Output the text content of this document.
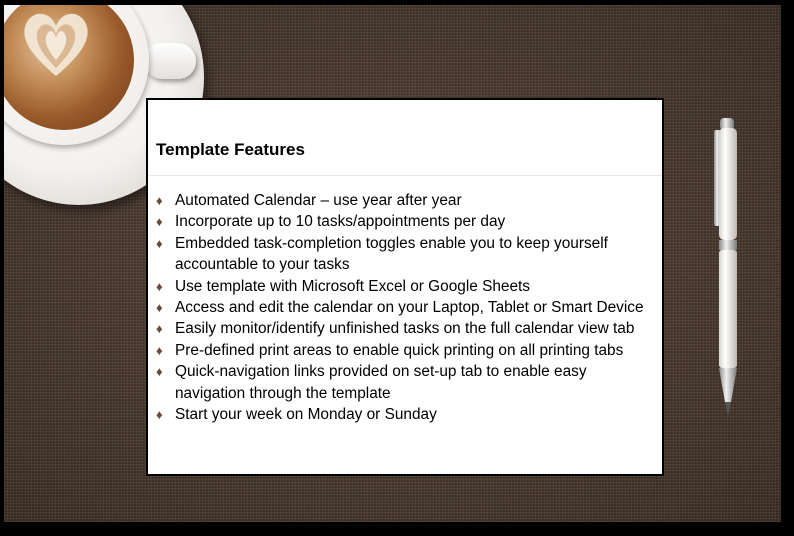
Template Features
♦ Automated Calendar – use year after year
♦ Incorporate up to 10 tasks/appointments per day
♦ Embedded task-completion toggles enable you to keep yourself accountable to your tasks
♦ Use template with Microsoft Excel or Google Sheets
♦ Access and edit the calendar on your Laptop, Tablet or Smart Device
♦ Easily monitor/identify unfinished tasks on the full calendar view tab
♦ Pre-defined print areas to enable quick printing on all printing tabs
♦ Quick-navigation links provided on set-up tab to enable easy navigation through the template
♦ Start your week on Monday or Sunday
